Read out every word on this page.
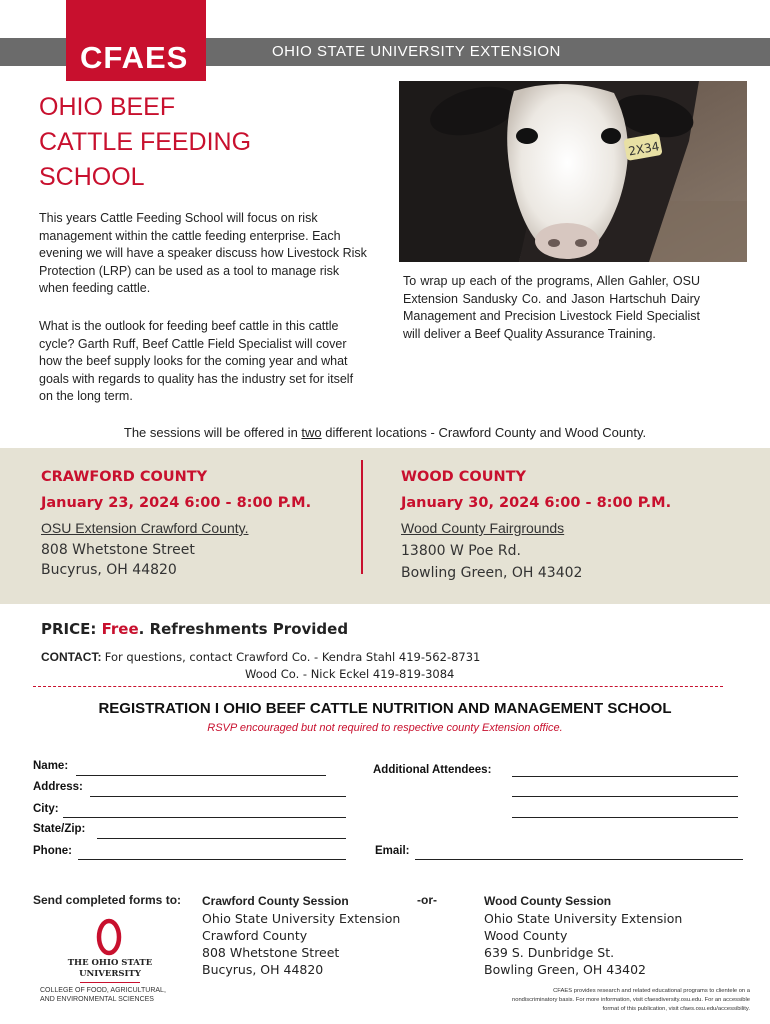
OHIO STATE UNIVERSITY EXTENSION
CFAES
OHIO BEEF
CATTLE FEEDING
SCHOOL
This years Cattle Feeding School will focus on risk management within the cattle feeding enterprise. Each evening we will have a speaker discuss how Livestock Risk Protection (LRP) can be used as a tool to manage risk when feeding cattle.
What is the outlook for feeding beef cattle in this cattle cycle? Garth Ruff, Beef Cattle Field Specialist will cover how the beef supply looks for the coming year and what goals with regards to quality has the industry set for itself on the long term.
2X34
To wrap up each of the programs, Allen Gahler, OSU Extension Sandusky Co. and Jason Hartschuh Dairy Management and Precision Livestock Field Specialist will deliver a Beef Quality Assurance Training.
The sessions will be offered in two different locations - Crawford County and Wood County.
CRAWFORD COUNTY
January 23, 2024 6:00 - 8:00 P.M.
OSU Extension Crawford County.
808 Whetstone Street
Bucyrus, OH 44820
WOOD COUNTY
January 30, 2024 6:00 - 8:00 P.M.
Wood County Fairgrounds
13800 W Poe Rd.
Bowling Green, OH 43402
PRICE: Free. Refreshments Provided
CONTACT: For questions, contact Crawford Co. - Kendra Stahl 419-562-8731
Wood Co. - Nick Eckel 419-819-3084
REGISTRATION I OHIO BEEF CATTLE NUTRITION AND MANAGEMENT SCHOOL
RSVP encouraged but not required to respective county Extension office.
Name:
Address:
City:
State/Zip:
Phone:
Additional Attendees:
Email:
Send completed forms to:	-or-
Crawford County Session
Ohio State University Extension
Crawford County
808 Whetstone Street
Bucyrus, OH 44820
Wood County Session
Ohio State University Extension
Wood County
639 S. Dunbridge St.
Bowling Green, OH 43402
THE OHIO STATE
UNIVERSITY
COLLEGE OF FOOD, AGRICULTURAL,
AND ENVIRONMENTAL SCIENCES
CFAES provides research and related educational programs to clientele on a nondiscriminatory basis. For more information, visit cfaesdiversity.osu.edu. For an accessible format of this publication, visit cfaes.osu.edu/accessibility.
